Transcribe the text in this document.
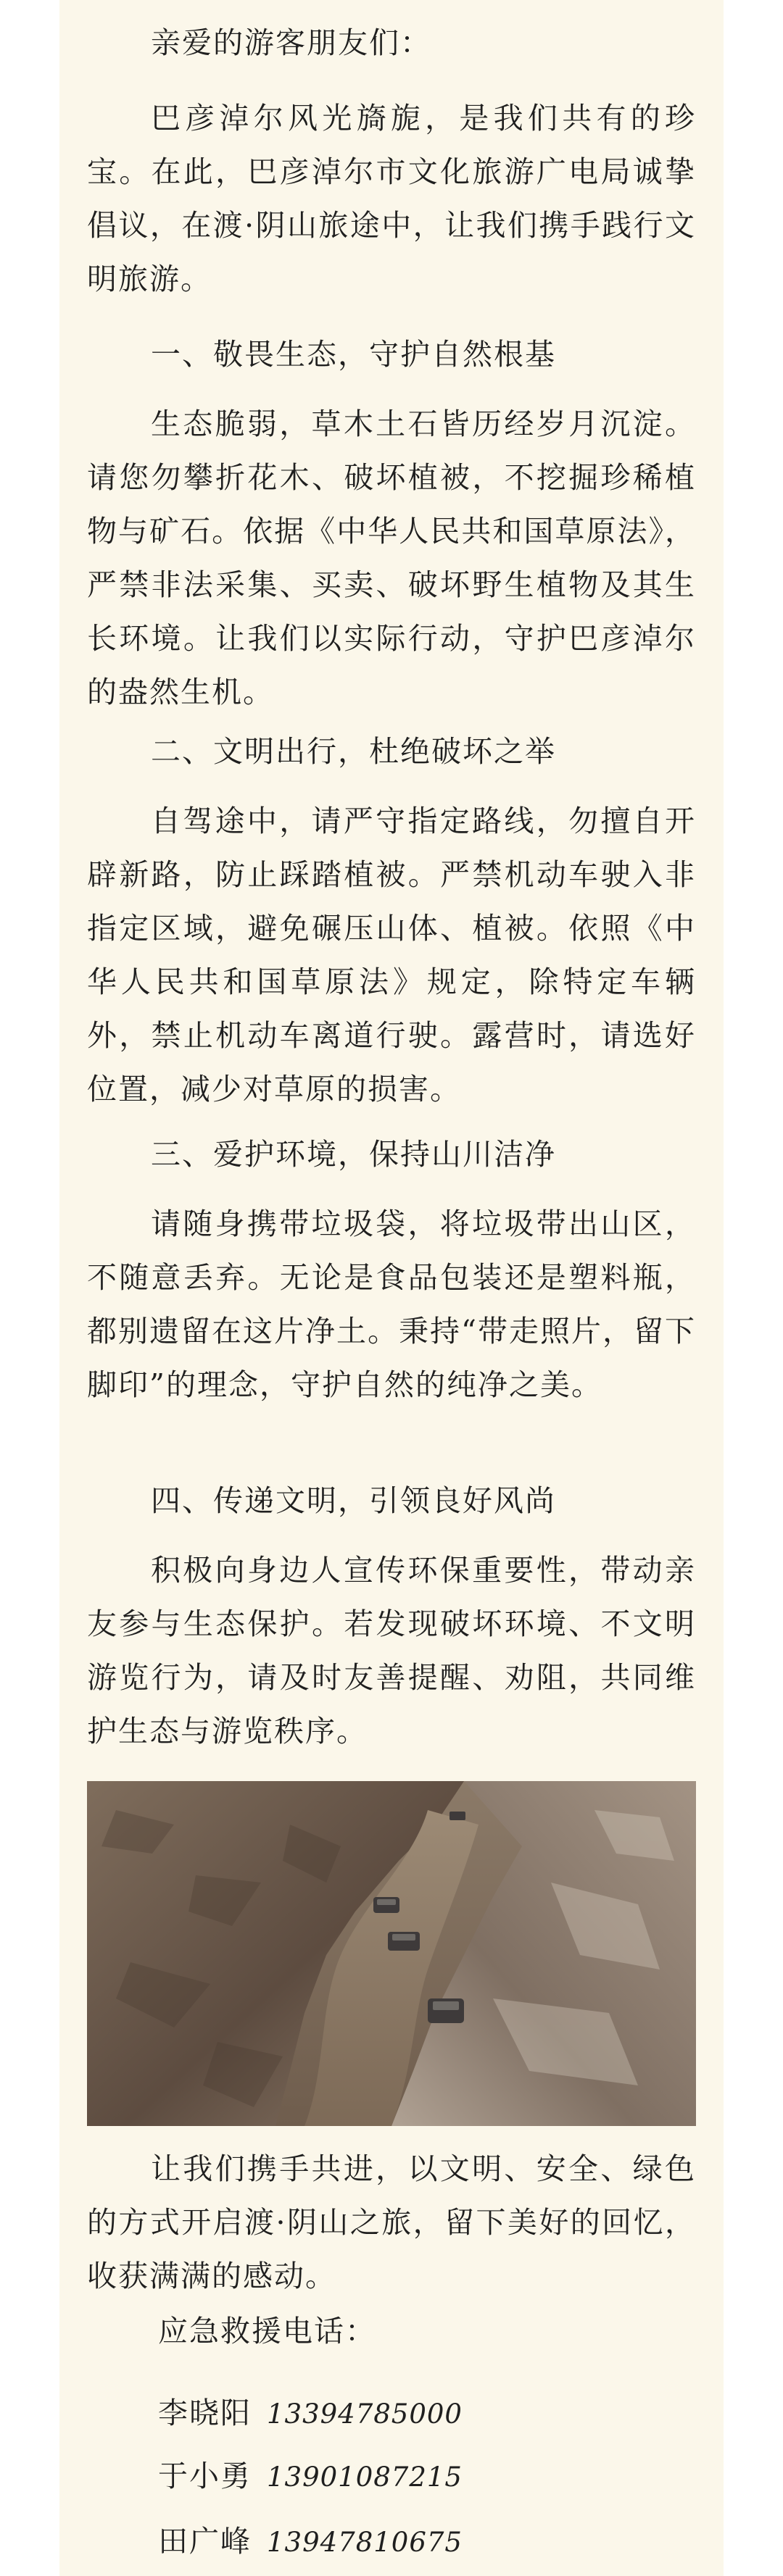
亲爱的游客朋友们：

巴彦淖尔风光旖旎，是我们共有的珍宝。在此，巴彦淖尔市文化旅游广电局诚挚倡议，在渡·阴山旅途中，让我们携手践行文明旅游。

一、敬畏生态，守护自然根基

生态脆弱，草木土石皆历经岁月沉淀。请您勿攀折花木、破坏植被，不挖掘珍稀植物与矿石。依据《中华人民共和国草原法》，严禁非法采集、买卖、破坏野生植物及其生长环境。让我们以实际行动，守护巴彦淖尔的盎然生机。

二、文明出行，杜绝破坏之举

自驾途中，请严守指定路线，勿擅自开辟新路，防止踩踏植被。严禁机动车驶入非指定区域，避免碾压山体、植被。依照《中华人民共和国草原法》规定，除特定车辆外，禁止机动车离道行驶。露营时，请选好位置，减少对草原的损害。

三、爱护环境，保持山川洁净

请随身携带垃圾袋，将垃圾带出山区，不随意丢弃。无论是食品包装还是塑料瓶，都别遗留在这片净土。秉持“带走照片，留下脚印”的理念，守护自然的纯净之美。

四、传递文明，引领良好风尚

积极向身边人宣传环保重要性，带动亲友参与生态保护。若发现破坏环境、不文明游览行为，请及时友善提醒、劝阻，共同维护生态与游览秩序。

让我们携手共进，以文明、安全、绿色的方式开启渡·阴山之旅，留下美好的回忆，收获满满的感动。

应急救援电话：

李晓阳 13394785000
于小勇 13901087215
田广峰 13947810675
